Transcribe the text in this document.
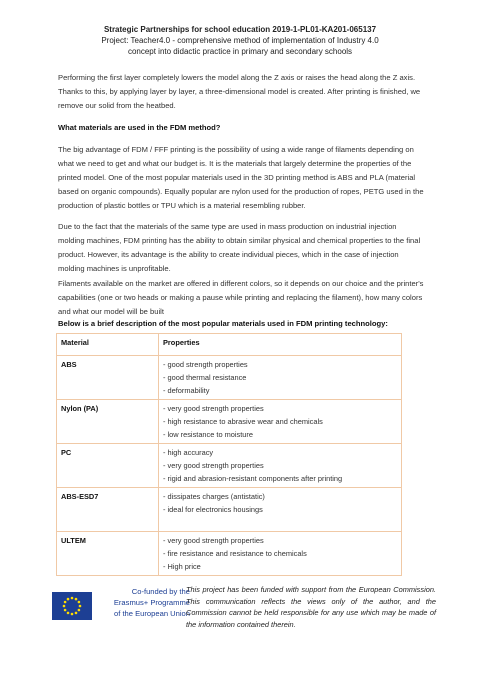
Strategic Partnerships for school education 2019-1-PL01-KA201-065137
Project: Teacher4.0 - comprehensive method of implementation of Industry 4.0
concept into didactic practice in primary and secondary schools

Performing the first layer completely lowers the model along the Z axis or raises the head along the Z axis. Thanks to this, by applying layer by layer, a three-dimensional model is created. After printing is finished, we remove our solid from the heatbed.

What materials are used in the FDM method?

The big advantage of FDM / FFF printing is the possibility of using a wide range of filaments depending on what we need to get and what our budget is. It is the materials that largely determine the properties of the printed model. One of the most popular materials used in the 3D printing method is ABS and PLA (material based on organic compounds). Equally popular are nylon used for the production of ropes, PETG used in the production of plastic bottles or TPU which is a material resembling rubber.

Due to the fact that the materials of the same type are used in mass production on industrial injection molding machines, FDM printing has the ability to obtain similar physical and chemical properties to the final product. However, its advantage is the ability to create individual pieces, which in the case of injection molding machines is unprofitable.

Filaments available on the market are offered in different colors, so it depends on our choice and the printer's capabilities (one or two heads or making a pause while printing and replacing the filament), how many colors and what our model will be built

Below is a brief description of the most popular materials used in FDM printing technology:
Material	Properties
ABS	- good strength properties
- good thermal resistance
- deformability

Nylon (PA)	- very good strength properties
- high resistance to abrasive wear and chemicals
- low resistance to moisture

PC	- high accuracy
- very good strength properties
- rigid and abrasion-resistant components after printing

ABS-ESD7	- dissipates charges (antistatic)
- ideal for electronics housings

ULTEM	- very good strength properties
- fire resistance and resistance to chemicals
- High price
Co-funded by the
Erasmus+ Programme
of the European Union
This project has been funded with support from the European Commission. This communication reflects the views only of the author, and the Commission cannot be held responsible for any use which may be made of the information contained therein.
